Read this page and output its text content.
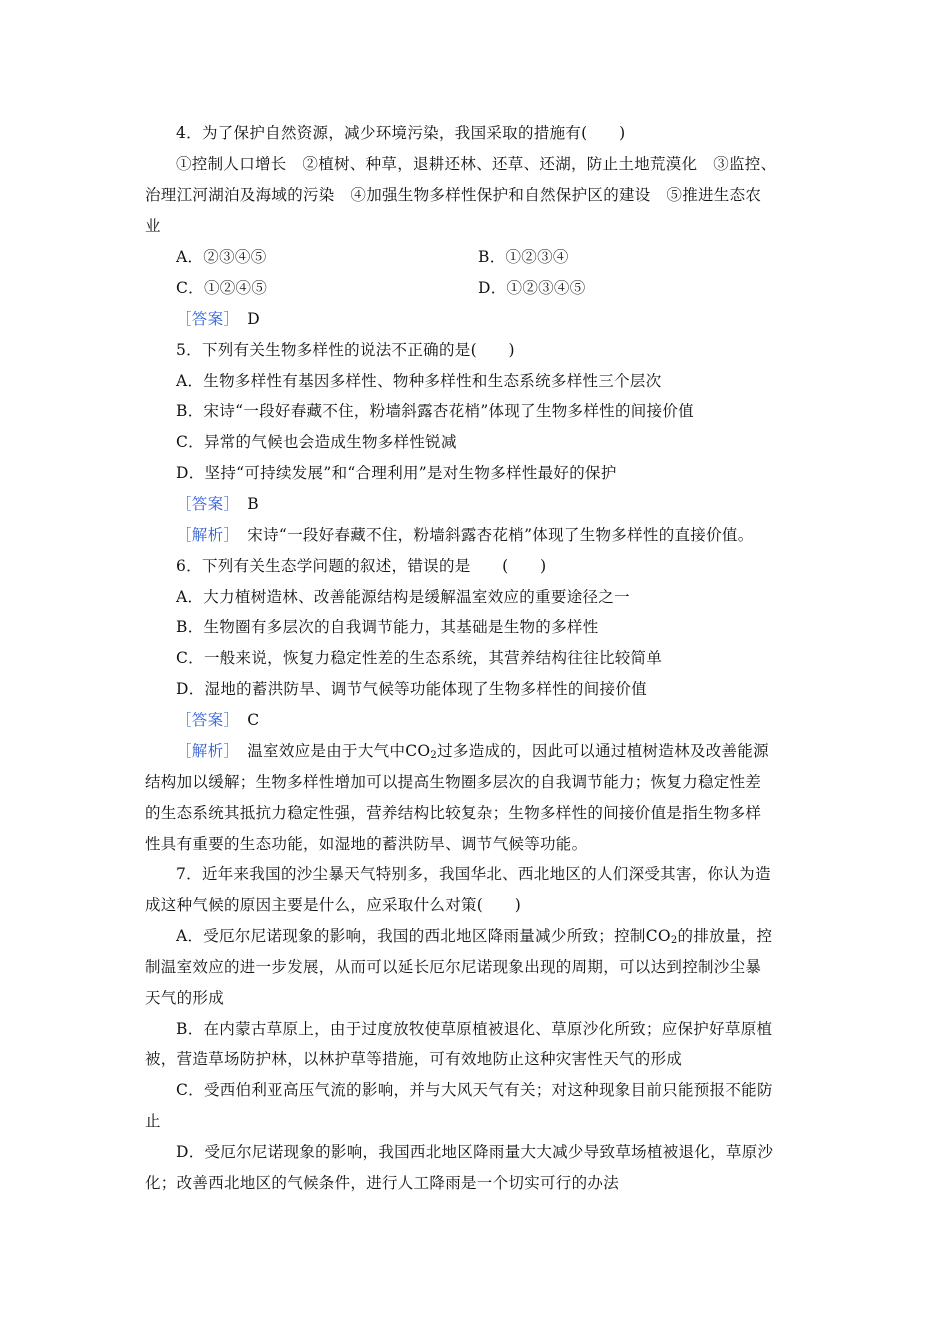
4．为了保护自然资源，减少环境污染，我国采取的措施有(　　)
①控制人口增长　②植树、种草，退耕还林、还草、还湖，防止土地荒漠化　③监控、
治理江河湖泊及海域的污染　④加强生物多样性保护和自然保护区的建设　⑤推进生态农
业
A．②③④⑤	B．①②③④
C．①②④⑤	D．①②③④⑤
［答案］　D
5．下列有关生物多样性的说法不正确的是(　　)
A．生物多样性有基因多样性、物种多样性和生态系统多样性三个层次
B．宋诗“一段好春藏不住，粉墙斜露杏花梢”体现了生物多样性的间接价值
C．异常的气候也会造成生物多样性锐减
D．坚持“可持续发展”和“合理利用”是对生物多样性最好的保护
［答案］　B
［解析］　宋诗“一段好春藏不住，粉墙斜露杏花梢”体现了生物多样性的直接价值。
6．下列有关生态学问题的叙述，错误的是　　(　　)
A．大力植树造林、改善能源结构是缓解温室效应的重要途径之一
B．生物圈有多层次的自我调节能力，其基础是生物的多样性
C．一般来说，恢复力稳定性差的生态系统，其营养结构往往比较简单
D．湿地的蓄洪防旱、调节气候等功能体现了生物多样性的间接价值
［答案］　C
［解析］　温室效应是由于大气中$CO_2$过多造成的，因此可以通过植树造林及改善能源
结构加以缓解；生物多样性增加可以提高生物圈多层次的自我调节能力；恢复力稳定性差
的生态系统其抵抗力稳定性强，营养结构比较复杂；生物多样性的间接价值是指生物多样
性具有重要的生态功能，如湿地的蓄洪防旱、调节气候等功能。
7．近年来我国的沙尘暴天气特别多，我国华北、西北地区的人们深受其害，你认为造
成这种气候的原因主要是什么，应采取什么对策(　　)
A．受厄尔尼诺现象的影响，我国的西北地区降雨量减少所致；控制$CO_2$的排放量，控
制温室效应的进一步发展，从而可以延长厄尔尼诺现象出现的周期，可以达到控制沙尘暴
天气的形成
B．在内蒙古草原上，由于过度放牧使草原植被退化、草原沙化所致；应保护好草原植
被，营造草场防护林，以林护草等措施，可有效地防止这种灾害性天气的形成
C．受西伯利亚高压气流的影响，并与大风天气有关；对这种现象目前只能预报不能防
止
D．受厄尔尼诺现象的影响，我国西北地区降雨量大大减少导致草场植被退化，草原沙
化；改善西北地区的气候条件，进行人工降雨是一个切实可行的办法
